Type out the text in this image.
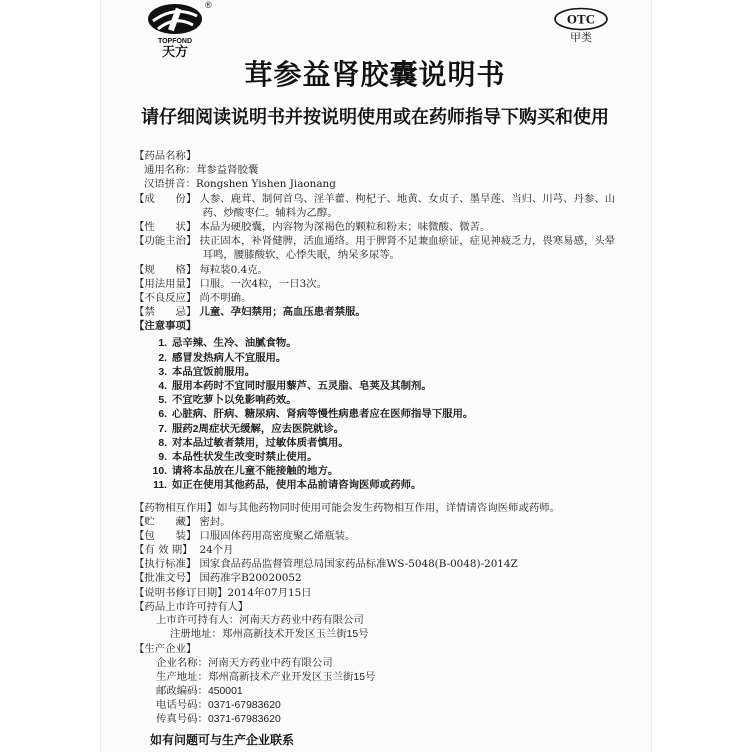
TOPFOND
天方
®
OTC
甲类
茸参益肾胶囊说明书
请仔细阅读说明书并按说明使用或在药师指导下购买和使用
【药品名称】
通用名称：茸参益肾胶囊
汉语拼音：Rongshen Yishen Jiaonang
【成　　份】 人参、鹿茸、制何首乌、淫羊藿、枸杞子、地黄、女贞子、墨旱莲、当归、川芎、丹参、山
药、炒酸枣仁。辅料为乙醇。
【性　　状】 本品为硬胶囊，内容物为深褐色的颗粒和粉末；味微酸、微苦。
【功能主治】 扶正固本，补肾健脾，活血通络。用于脾肾不足兼血瘀证，症见神疲乏力，畏寒易感，头晕
耳鸣，腰膝酸软，心悸失眠，纳呆多尿等。
【规　　格】 每粒装0.4克。
【用法用量】 口服。一次4粒，一日3次。
【不良反应】 尚不明确。
【禁　　忌】 儿童、孕妇禁用；高血压患者禁服。
【注意事项】
1. 忌辛辣、生冷、油腻食物。
2. 感冒发热病人不宜服用。
3. 本品宜饭前服用。
4. 服用本药时不宜同时服用藜芦、五灵脂、皂荚及其制剂。
5. 不宜吃萝卜以免影响药效。
6. 心脏病、肝病、糖尿病、肾病等慢性病患者应在医师指导下服用。
7. 服药2周症状无缓解，应去医院就诊。
8. 对本品过敏者禁用，过敏体质者慎用。
9. 本品性状发生改变时禁止使用。
10. 请将本品放在儿童不能接触的地方。
11. 如正在使用其他药品，使用本品前请咨询医师或药师。
【药物相互作用】如与其他药物同时使用可能会发生药物相互作用，详情请咨询医师或药师。
【贮　　藏】 密封。
【包　　装】 口服固体药用高密度聚乙烯瓶装。
【有 效 期】 24个月
【执行标准】 国家食品药品监督管理总局国家药品标准WS-5048(B-0048)-2014Z
【批准文号】 国药准字B20020052
【说明书修订日期】2014年07月15日
【药品上市许可持有人】
上市许可持有人：河南天方药业中药有限公司
注册地址：郑州高新技术开发区玉兰街15号
【生产企业】
企业名称：河南天方药业中药有限公司
生产地址：郑州高新技术产业开发区玉兰街15号
邮政编码：450001
电话号码：0371-67983620
传真号码：0371-67983620
如有问题可与生产企业联系
